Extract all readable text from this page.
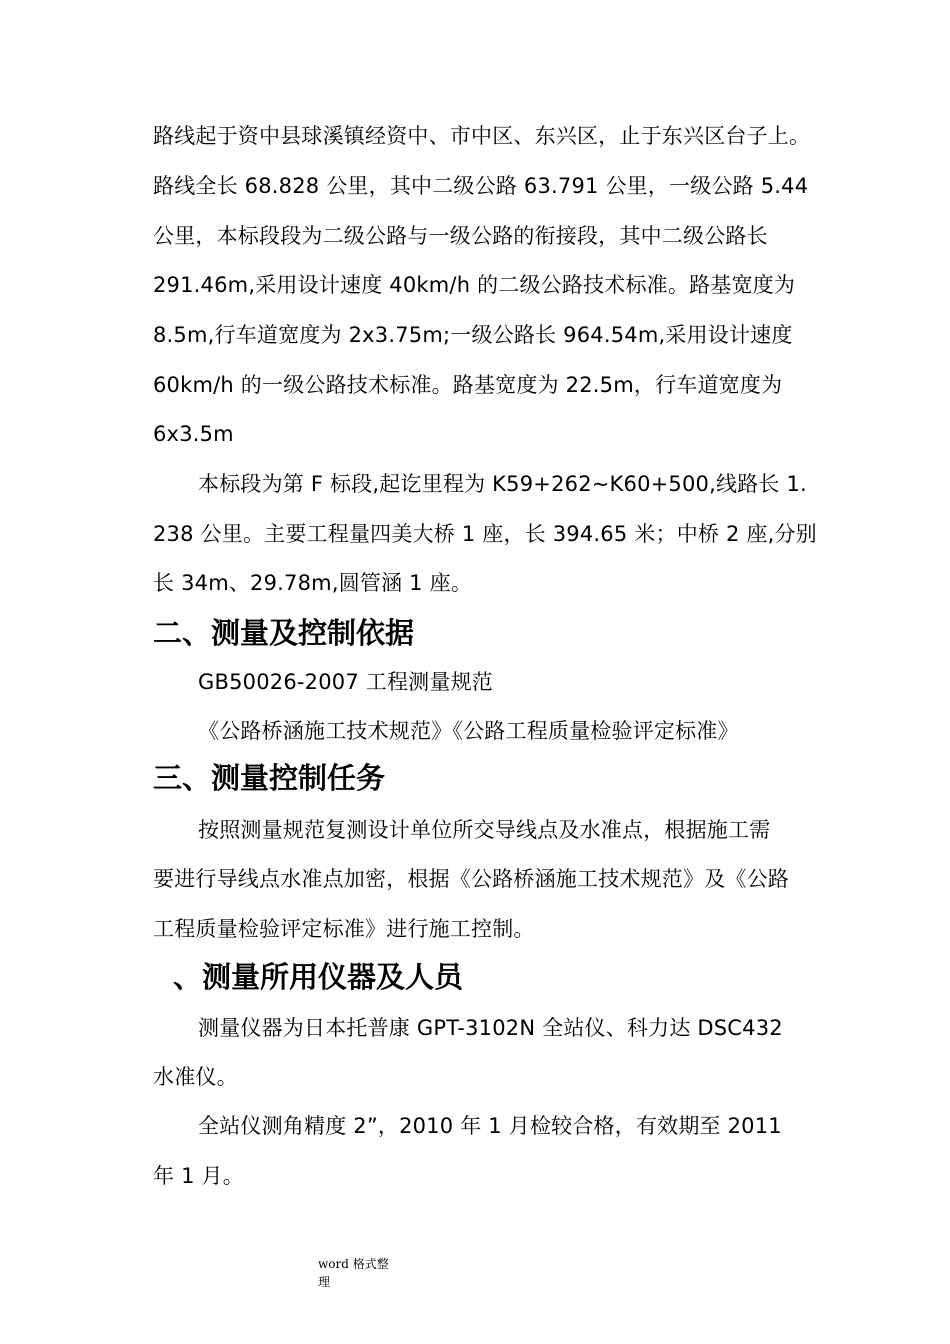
路线起于资中县球溪镇经资中、市中区、东兴区，止于东兴区台子上。
路线全长 68.828 公里，其中二级公路 63.791 公里，一级公路 5.44
公里，本标段段为二级公路与一级公路的衔接段，其中二级公路长
291.46m,采用设计速度 40km/h 的二级公路技术标准。路基宽度为
8.5m,行车道宽度为 2x3.75m;一级公路长 964.54m,采用设计速度
60km/h 的一级公路技术标准。路基宽度为 22.5m，行车道宽度为
6x3.5m
本标段为第 F 标段,起讫里程为 K59+262~K60+500,线路长 1.
238 公里。主要工程量四美大桥 1 座，长 394.65 米；中桥 2 座,分别
长 34m、29.78m,圆管涵 1 座。
二、测量及控制依据
GB50026-2007 工程测量规范
《公路桥涵施工技术规范》《公路工程质量检验评定标准》
三、测量控制任务
按照测量规范复测设计单位所交导线点及水准点，根据施工需
要进行导线点水准点加密，根据《公路桥涵施工技术规范》及《公路
工程质量检验评定标准》进行施工控制。
、测量所用仪器及人员
测量仪器为日本托普康 GPT-3102N 全站仪、科力达 DSC432
水准仪。
全站仪测角精度 2”，2010 年 1 月检较合格，有效期至 2011
年 1 月。
word 格式整
理
